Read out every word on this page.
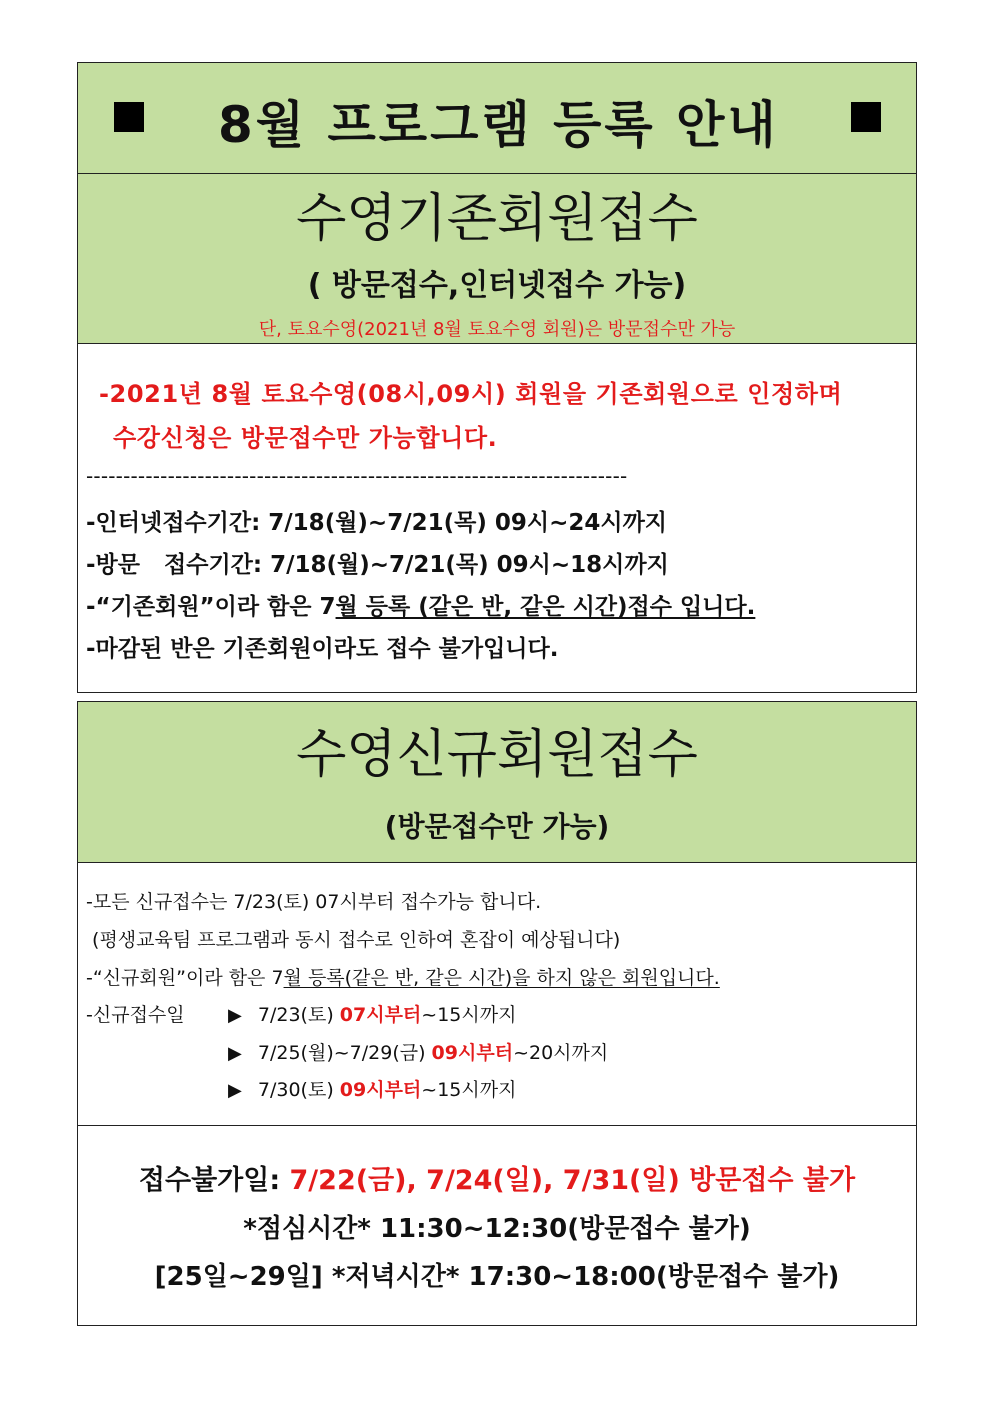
8월 프로그램 등록 안내
수영기존회원접수
( 방문접수,인터넷접수 가능)
단, 토요수영(2021년 8월 토요수영 회원)은 방문접수만 가능
-2021년 8월 토요수영(08시,09시) 회원을 기존회원으로 인정하며
수강신청은 방문접수만 가능합니다.
-------------------------------------------------------------------------
-인터넷접수기간: 7/18(월)~7/21(목) 09시~24시까지
-방문   접수기간: 7/18(월)~7/21(목) 09시~18시까지
-“기존회원”이라 함은 7월 등록 (같은 반, 같은 시간)접수 입니다.
-마감된 반은 기존회원이라도 접수 불가입니다.
수영신규회원접수
(방문접수만 가능)
-모든 신규접수는 7/23(토) 07시부터 접수가능 합니다.
(평생교육팀 프로그램과 동시 접수로 인하여 혼잡이 예상됩니다)
-“신규회원”이라 함은 7월 등록(같은 반, 같은 시간)을 하지 않은 회원입니다.
-신규접수일 ▶ 7/23(토) 07시부터~15시까지
▶ 7/25(월)~7/29(금) 09시부터~20시까지
▶ 7/30(토) 09시부터~15시까지
접수불가일: 7/22(금), 7/24(일), 7/31(일) 방문접수 불가
*점심시간* 11:30~12:30(방문접수 불가)
[25일~29일] *저녁시간* 17:30~18:00(방문접수 불가)
